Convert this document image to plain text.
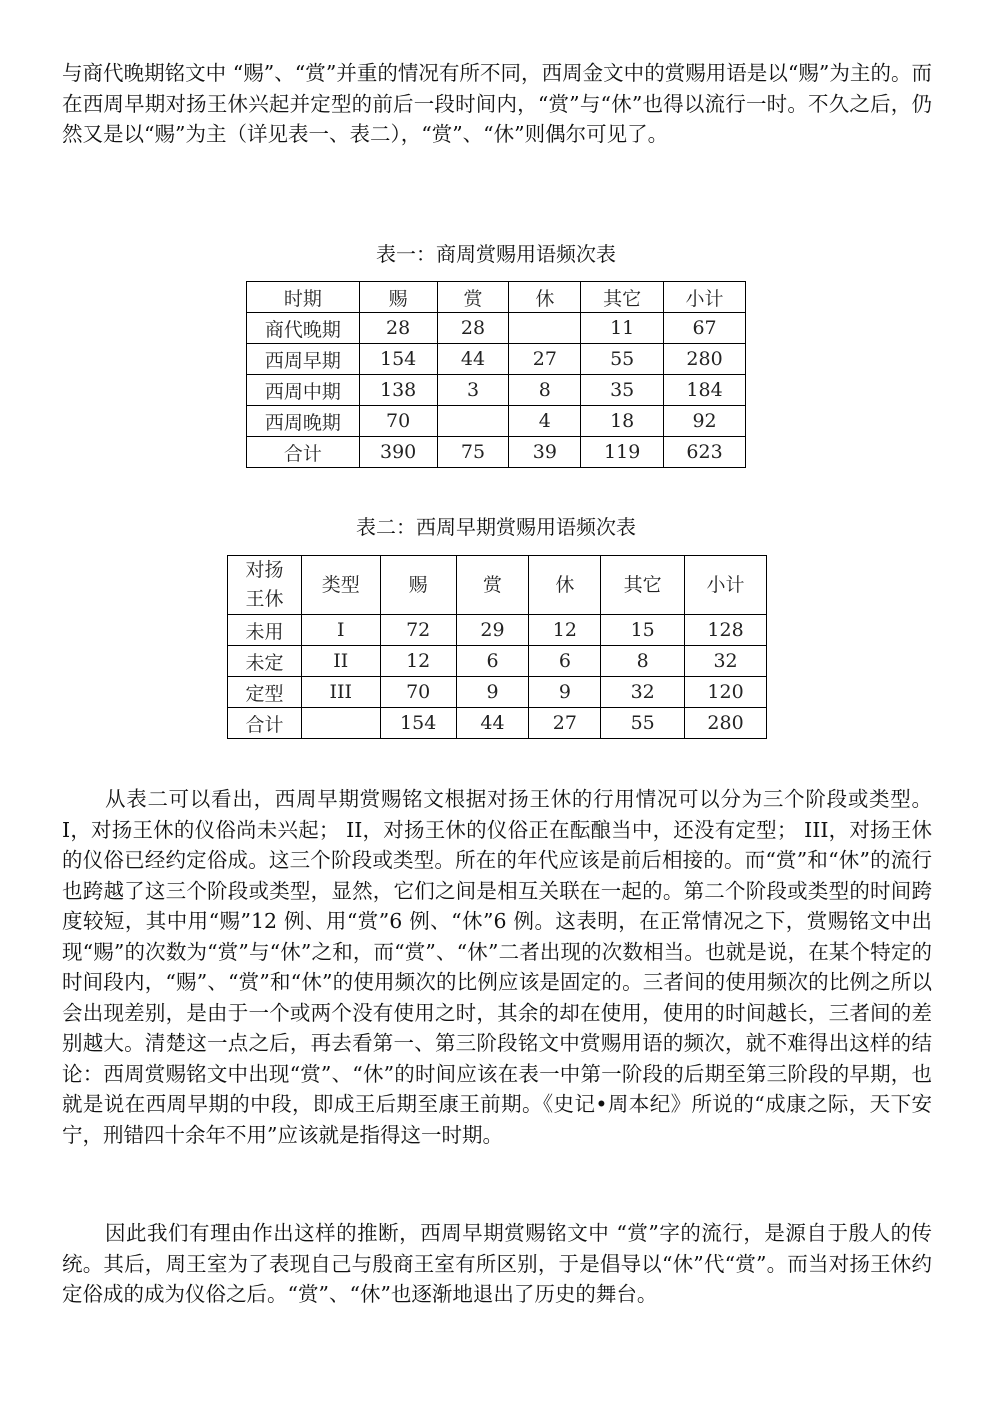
与商代晚期铭文中 “赐”、“赏”并重的情况有所不同，西周金文中的赏赐用语是以“赐”为主的。而在西周早期对扬王休兴起并定型的前后一段时间内，“赏”与“休”也得以流行一时。不久之后，仍然又是以“赐”为主（详见表一、表二），“赏”、“休”则偶尔可见了。

表一：商周赏赐用语频次表

时期	赐	赏	休	其它	小计
商代晚期	28	28		11	67
西周早期	154	44	27	55	280
西周中期	138	3	8	35	184
西周晚期	70		4	18	92
合计	390	75	39	119	623

表二：西周早期赏赐用语频次表

对扬王休	类型	赐	赏	休	其它	小计
未用	I	72	29	12	15	128
未定	II	12	6	6	8	32
定型	III	70	9	9	32	120
合计		154	44	27	55	280

从表二可以看出，西周早期赏赐铭文根据对扬王休的行用情况可以分为三个阶段或类型。I，对扬王休的仪俗尚未兴起； II，对扬王休的仪俗正在酝酿当中，还没有定型； III，对扬王休的仪俗已经约定俗成。这三个阶段或类型。所在的年代应该是前后相接的。而“赏”和“休”的流行也跨越了这三个阶段或类型，显然，它们之间是相互关联在一起的。第二个阶段或类型的时间跨度较短，其中用“赐”12 例、用“赏”6 例、“休”6 例。这表明，在正常情况之下，赏赐铭文中出现“赐”的次数为“赏”与“休”之和，而“赏”、“休”二者出现的次数相当。也就是说，在某个特定的时间段内，“赐”、“赏”和“休”的使用频次的比例应该是固定的。三者间的使用频次的比例之所以会出现差别，是由于一个或两个没有使用之时，其余的却在使用，使用的时间越长，三者间的差别越大。清楚这一点之后，再去看第一、第三阶段铭文中赏赐用语的频次，就不难得出这样的结论：西周赏赐铭文中出现“赏”、“休”的时间应该在表一中第一阶段的后期至第三阶段的早期，也就是说在西周早期的中段，即成王后期至康王前期。《史记•周本纪》所说的“成康之际，天下安宁，刑错四十余年不用”应该就是指得这一时期。

因此我们有理由作出这样的推断，西周早期赏赐铭文中 “赏”字的流行，是源自于殷人的传统。其后，周王室为了表现自己与殷商王室有所区别，于是倡导以“休”代“赏”。而当对扬王休约定俗成的成为仪俗之后。“赏”、“休”也逐渐地退出了历史的舞台。
